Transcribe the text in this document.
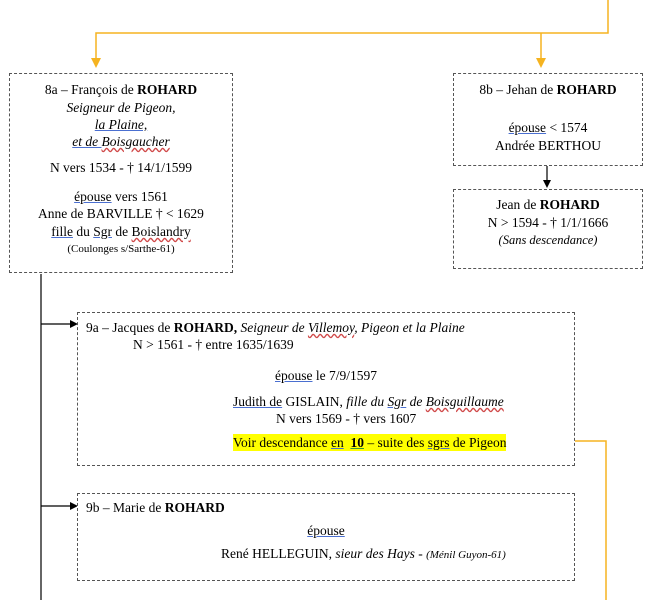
8a – François de ROHARD
Seigneur de Pigeon,
la Plaine,
et de Boisgaucher
N vers 1534 - † 14/1/1599
épouse vers 1561
Anne de BARVILLE † < 1629
fille du Sgr de Boislandry
(Coulonges s/Sarthe-61)
8b – Jehan de ROHARD
épouse < 1574
Andrée BERTHOU
Jean de ROHARD
N > 1594 - † 1/1/1666
(Sans descendance)
9a – Jacques de ROHARD, Seigneur de Villemoy, Pigeon et la Plaine
N > 1561 - † entre 1635/1639
épouse le 7/9/1597
Judith de GISLAIN, fille du Sgr de Boisguillaume
N vers 1569 - † vers 1607
Voir descendance en 10 – suite des sgrs de Pigeon
9b – Marie de ROHARD
épouse
René HELLEGUIN, sieur des Hays - (Ménil Guyon-61)
